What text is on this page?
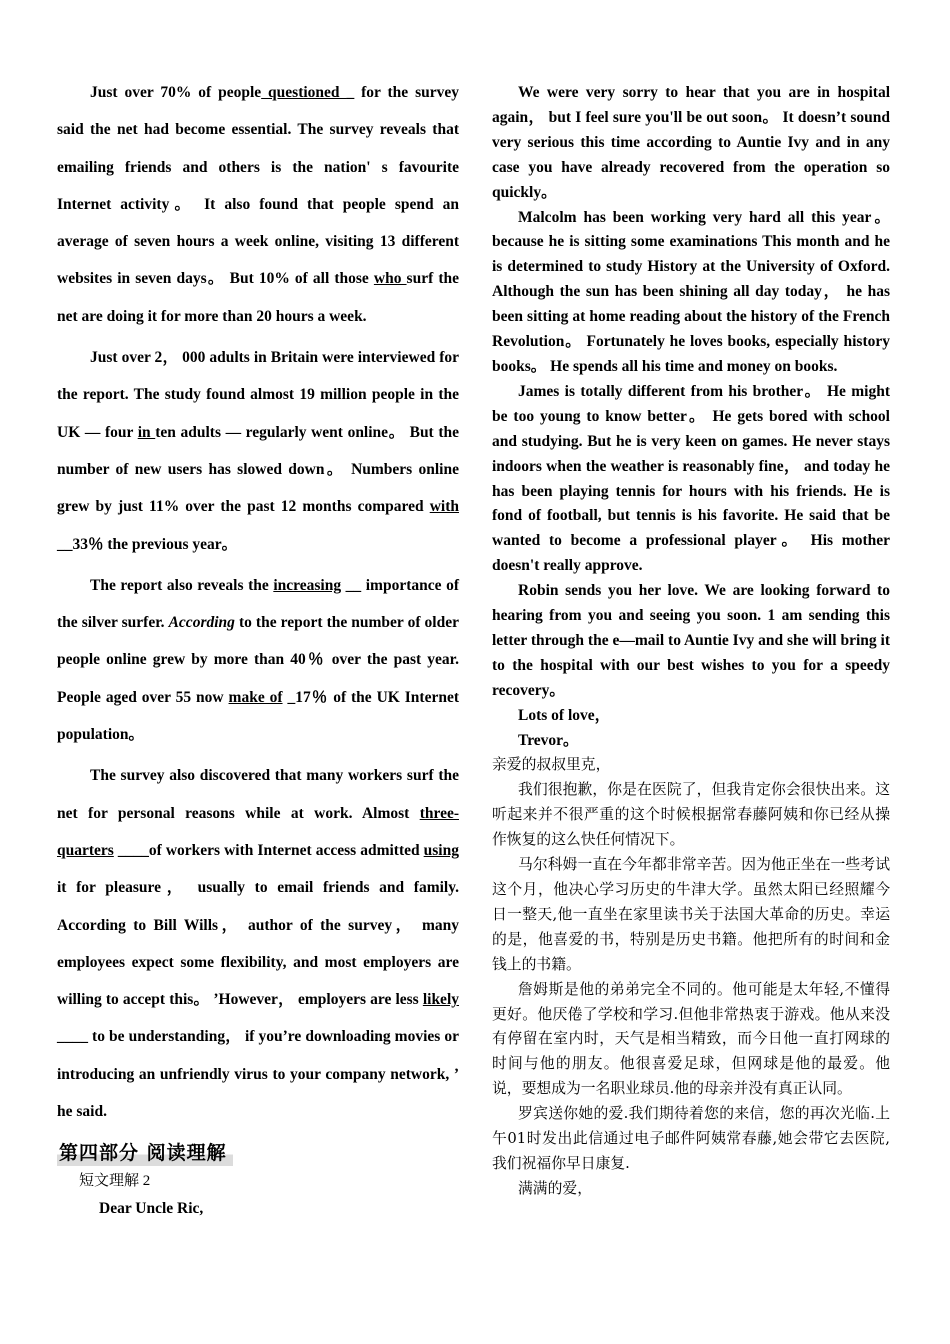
Just over 70% of people questioned _ for the survey said the net had become essential. The survey reveals that emailing friends and others is the nation' s favourite Internet activity。 It also found that people spend an average of seven hours a week online, visiting 13 different websites in seven days。 But 10% of all those who surf the net are doing it for more than 20 hours a week.

Just over 2， 000 adults in Britain were interviewed for the report. The study found almost 19 million people in the UK — four in ten adults — regularly went online。 But the number of new users has slowed down。 Numbers online grew by just 11% over the past 12 months compared with __33％ the previous year。

The report also reveals the increasing __ importance of the silver surfer. According to the report the number of older people online grew by more than 40％ over the past year. People aged over 55 now make of _17％ of the UK Internet population。

The survey also discovered that many workers surf the net for personal reasons while at work. Almost three-quarters ____of workers with Internet access admitted using it for pleasure， usually to email friends and family. According to Bill Wills， author of the survey， many employees expect some flexibility, and most employers are willing to accept this。 ’However， employers are less likely ____ to be understanding， if you’re downloading movies or introducing an unfriendly virus to your company network, ’ he said.

第四部分 阅读理解
短文理解 2
Dear Uncle Ric,

We were very sorry to hear that you are in hospital again， but I feel sure you'll be out soon。 It doesn’t sound very serious this time according to Auntie Ivy and in any case you have already recovered from the operation so quickly。

Malcolm has been working very hard all this year。because he is sitting some examinations This month and he is determined to study History at the University of Oxford. Although the sun has been shining all day today， he has been sitting at home reading about the history of the French Revolution。 Fortunately he loves books, especially history books。 He spends all his time and money on books.

James is totally different from his brother。 He might be too young to know better。 He gets bored with school and studying. But he is very keen on games. He never stays indoors when the weather is reasonably fine， and today he has been playing tennis for hours with his friends. He is fond of football, but tennis is his favorite. He said that be wanted to become a professional player。 His mother doesn't really approve.

Robin sends you her love. We are looking forward to hearing from you and seeing you soon. 1 am sending this letter through the e—mail to Auntie Ivy and she will bring it to the hospital with our best wishes to you for a speedy recovery。

Lots of love，

Trevor。

亲爱的叔叔里克，

我们很抱歉，你是在医院了，但我肯定你会很快出来。这听起来并不很严重的这个时候根据常春藤阿姨和你已经从操作恢复的这么快任何情况下。

马尔科姆一直在今年都非常辛苦。因为他正坐在一些考试这个月，他决心学习历史的牛津大学。虽然太阳已经照耀今日一整天,他一直坐在家里读书关于法国大革命的历史。幸运的是，他喜爱的书，特别是历史书籍。他把所有的时间和金钱上的书籍。

詹姆斯是他的弟弟完全不同的。他可能是太年轻,不懂得更好。他厌倦了学校和学习.但他非常热衷于游戏。他从来没有停留在室内时，天气是相当精致，而今日他一直打网球的时间与他的朋友。他很喜爱足球，但网球是他的最爱。他说，要想成为一名职业球员.他的母亲并没有真正认同。

罗宾送你她的爱.我们期待着您的来信，您的再次光临.上午01时发出此信通过电子邮件阿姨常春藤,她会带它去医院,我们祝福你早日康复.

满满的爱，
